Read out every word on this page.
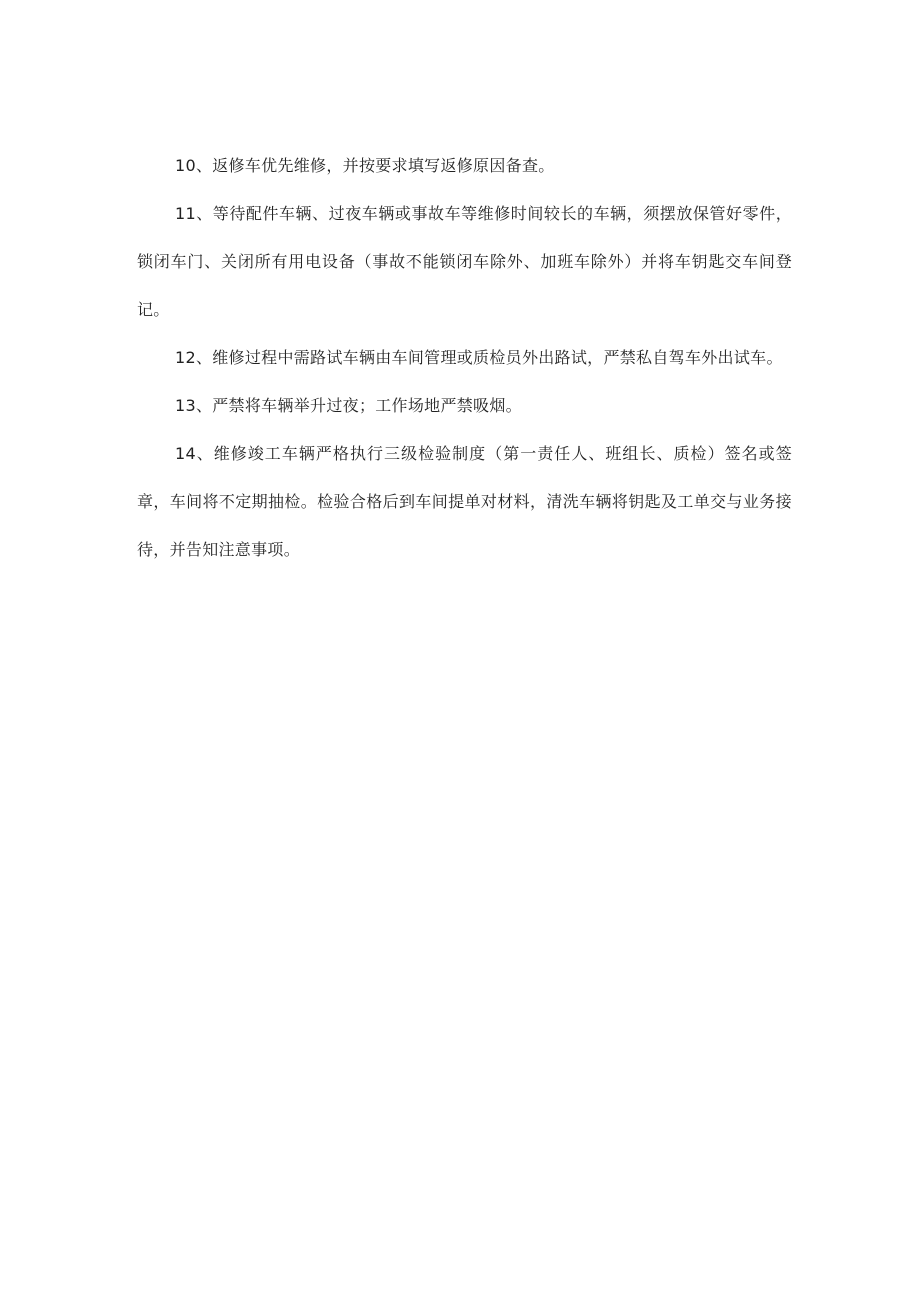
10、返修车优先维修，并按要求填写返修原因备查。

11、等待配件车辆、过夜车辆或事故车等维修时间较长的车辆，须摆放保管好零件，锁闭车门、关闭所有用电设备（事故不能锁闭车除外、加班车除外）并将车钥匙交车间登记。

12、维修过程中需路试车辆由车间管理或质检员外出路试，严禁私自驾车外出试车。

13、严禁将车辆举升过夜；工作场地严禁吸烟。

14、维修竣工车辆严格执行三级检验制度（第一责任人、班组长、质检）签名或签章，车间将不定期抽检。检验合格后到车间提单对材料，清洗车辆将钥匙及工单交与业务接待，并告知注意事项。
